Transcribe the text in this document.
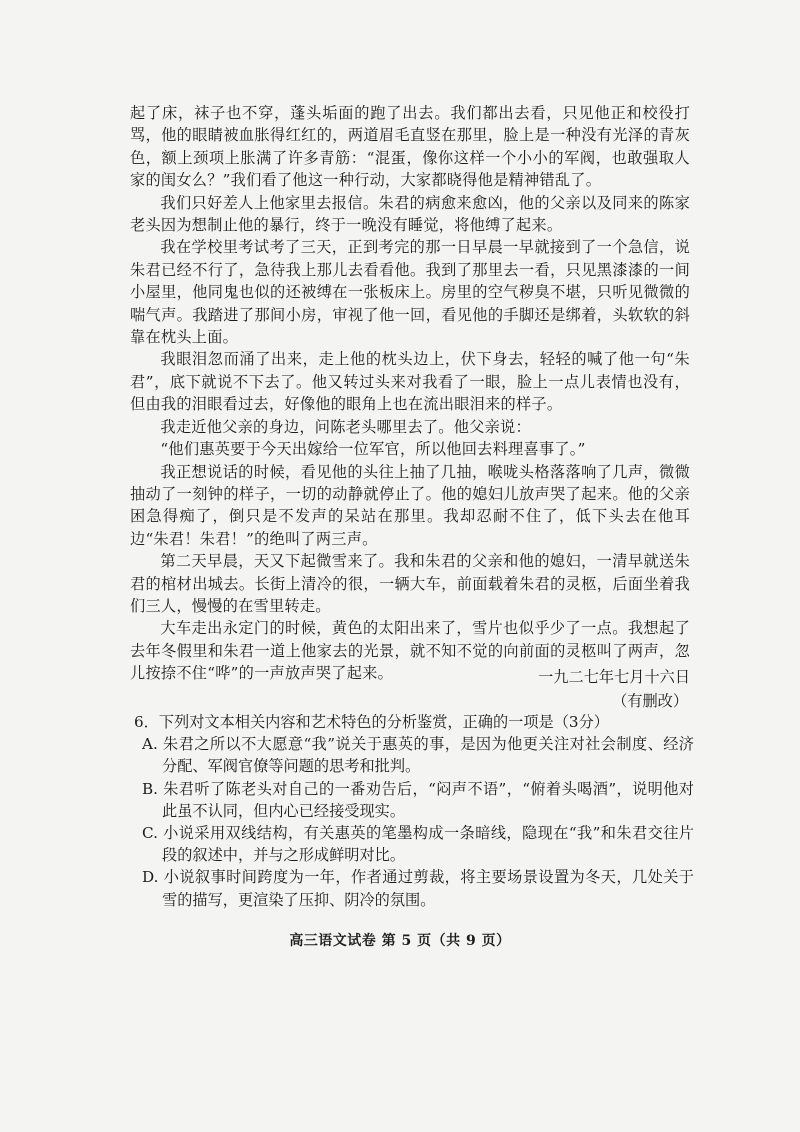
起了床，袜子也不穿，蓬头垢面的跑了出去。我们都出去看，只见他正和校役打骂，他的眼睛被血胀得红红的，两道眉毛直竖在那里，脸上是一种没有光泽的青灰色，额上颈项上胀满了许多青筋：“混蛋，像你这样一个小小的军阀，也敢强取人家的闺女么？”我们看了他这一种行动，大家都晓得他是精神错乱了。

我们只好差人上他家里去报信。朱君的病愈来愈凶，他的父亲以及同来的陈家老头因为想制止他的暴行，终于一晚没有睡觉，将他缚了起来。

我在学校里考试考了三天，正到考完的那一日早晨一早就接到了一个急信，说朱君已经不行了，急待我上那儿去看看他。我到了那里去一看，只见黑漆漆的一间小屋里，他同鬼也似的还被缚在一张板床上。房里的空气秽臭不堪，只听见微微的喘气声。我踏进了那间小房，审视了他一回，看见他的手脚还是绑着，头软软的斜靠在枕头上面。

我眼泪忽而涌了出来，走上他的枕头边上，伏下身去，轻轻的喊了他一句“朱君”，底下就说不下去了。他又转过头来对我看了一眼，脸上一点儿表情也没有，但由我的泪眼看过去，好像他的眼角上也在流出眼泪来的样子。

我走近他父亲的身边，问陈老头哪里去了。他父亲说：

“他们惠英要于今天出嫁给一位军官，所以他回去料理喜事了。”

我正想说话的时候，看见他的头往上抽了几抽，喉咙头格落落响了几声，微微抽动了一刻钟的样子，一切的动静就停止了。他的媳妇儿放声哭了起来。他的父亲困急得痴了，倒只是不发声的呆站在那里。我却忍耐不住了，低下头去在他耳边“朱君！朱君！”的绝叫了两三声。

第二天早晨，天又下起微雪来了。我和朱君的父亲和他的媳妇，一清早就送朱君的棺材出城去。长街上清冷的很，一辆大车，前面载着朱君的灵柩，后面坐着我们三人，慢慢的在雪里转走。

大车走出永定门的时候，黄色的太阳出来了，雪片也似乎少了一点。我想起了去年冬假里和朱君一道上他家去的光景，就不知不觉的向前面的灵柩叫了两声，忽儿按捺不住“哗”的一声放声哭了起来。	一九二七年七月十六日
（有删改）

6．下列对文本相关内容和艺术特色的分析鉴赏，正确的一项是（3分）

A. 朱君之所以不大愿意“我”说关于惠英的事，是因为他更关注对社会制度、经济分配、军阀官僚等问题的思考和批判。

B. 朱君听了陈老头对自己的一番劝告后，“闷声不语”，“俯着头喝酒”，说明他对此虽不认同，但内心已经接受现实。

C. 小说采用双线结构，有关惠英的笔墨构成一条暗线，隐现在“我”和朱君交往片段的叙述中，并与之形成鲜明对比。

D. 小说叙事时间跨度为一年，作者通过剪裁，将主要场景设置为冬天，几处关于雪的描写，更渲染了压抑、阴冷的氛围。

高三语文试卷 第 5 页（共 9 页）
